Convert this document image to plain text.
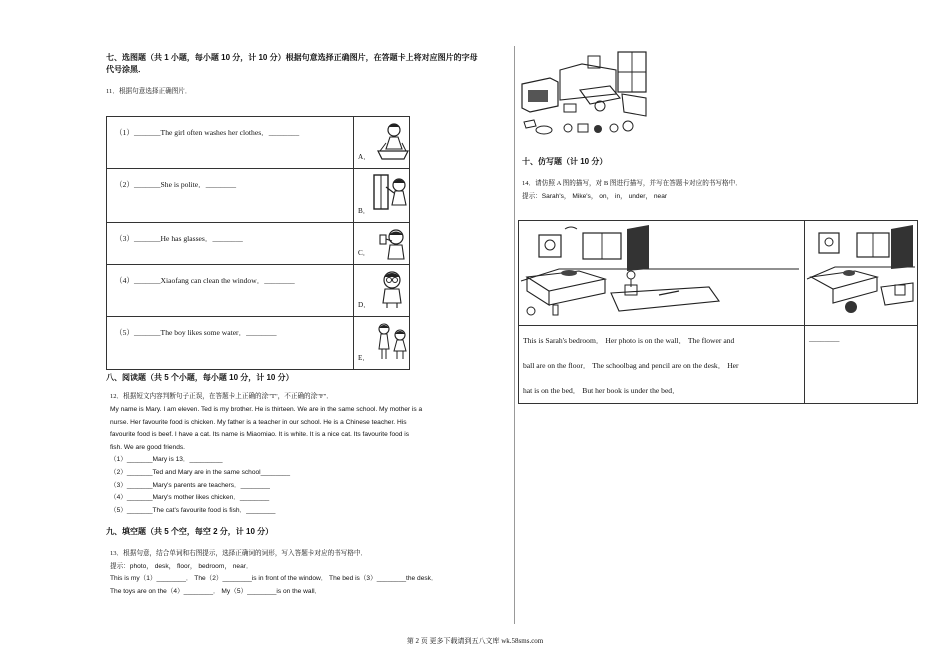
七、选图题（共 1 小题，每小题 10 分，计 10 分）根据句意选择正确图片，在答题卡上将对应图片的字母
代号涂黑．
11．根据句意选择正确图片．
（1）_______The girl often washes her clothes．________	A．

（2）_______She is polite．________	B．

（3）_______He has glasses．________	C．

（4）_______Xiaofang can clean the window．________	D．

（5）_______The boy likes some water．________	E．
八、阅读题（共 5 个小题，每小题 10 分，计 10 分）
12．根据短文内容判断句子正误，在答题卡上正确的涂"T"，不正确的涂"F"．
My name is Mary. I am eleven. Ted is my brother. He is thirteen. We are in the same school. My mother is a
nurse. Her favourite food is chicken. My father is a teacher in our school. He is a Chinese teacher. His
favourite food is beef. I have a cat. Its name is Miaomiao. It is white. It is a nice cat. Its favourite food is
fish. We are good friends.
（1）_______Mary is 13．_________
（2）_______Ted and Mary are in the same school________
（3）_______Mary's parents are teachers．________
（4）_______Mary's mother likes chicken．________
（5）_______The cat's favourite food is fish．________
九、填空题（共 5 个空，每空 2 分，计 10 分）
13．根据句意，结合单词和右图提示，选择正确词的词形，写入答题卡对应的书写格中．
提示：photo， desk， floor， bedroom， near．
This is my（1）________． The（2）________is in front of the window． The bed is（3）________the desk．
The toys are on the（4）________． My（5）________is on the wall．
十、仿写题（计 10 分）
14．请仿照 A 图的描写，对 B 图进行描写，并写在答题卡对应的书写格中．
提示：Sarah's， Mike's， on， in， under， near

This is Sarah's bedroom． Her photo is on the wall． The flower and
ball are on the floor． The schoolbag and pencil are on the desk． Her
hat is on the bed． But her book is under the bed．	________
第 2 页 更多下载请到五八文库 wk.58sms.com
